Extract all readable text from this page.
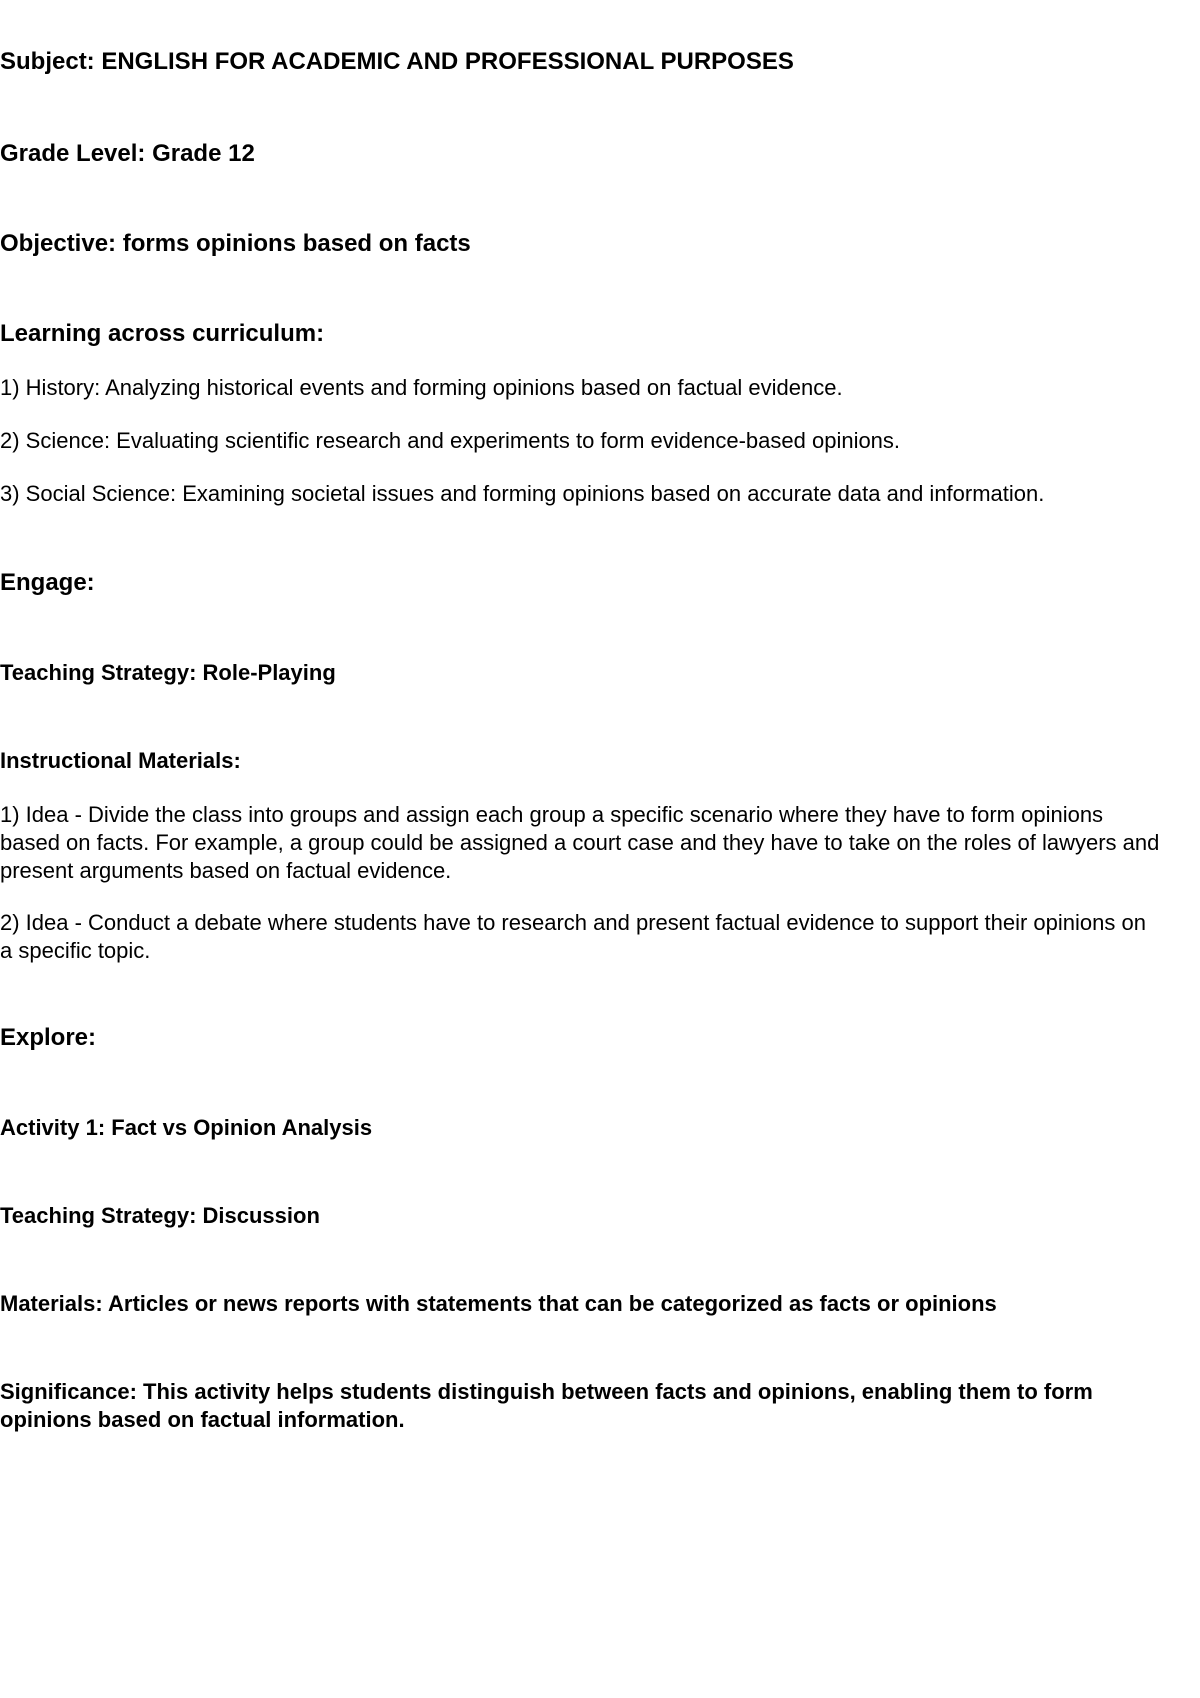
Subject: ENGLISH FOR ACADEMIC AND PROFESSIONAL PURPOSES

Grade Level: Grade 12

Objective: forms opinions based on facts

Learning across curriculum:

1) History: Analyzing historical events and forming opinions based on factual evidence.

2) Science: Evaluating scientific research and experiments to form evidence-based opinions.

3) Social Science: Examining societal issues and forming opinions based on accurate data and information.

Engage:

Teaching Strategy: Role-Playing

Instructional Materials:

1) Idea - Divide the class into groups and assign each group a specific scenario where they have to form opinions based on facts. For example, a group could be assigned a court case and they have to take on the roles of lawyers and present arguments based on factual evidence.

2) Idea - Conduct a debate where students have to research and present factual evidence to support their opinions on a specific topic.

Explore:

Activity 1: Fact vs Opinion Analysis

Teaching Strategy: Discussion

Materials: Articles or news reports with statements that can be categorized as facts or opinions

Significance: This activity helps students distinguish between facts and opinions, enabling them to form opinions based on factual information.
